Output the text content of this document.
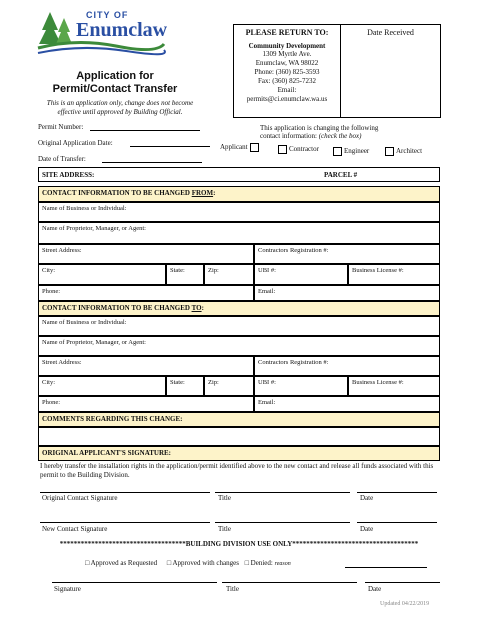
CITY OF
Enumclaw
Application for
Permit/Contact Transfer
This is an application only, change does not become
effective until approved by Building Official.
PLEASE RETURN TO:
Community Development
1309 Myrtle Ave.
Enumclaw, WA 98022
Phone: (360) 825-3593
Fax: (360) 825-7232
Email:
permits@ci.enumclaw.wa.us
Date Received
Permit Number:
Original Application Date:
Date of Transfer:
This application is changing the following
contact information: (check the box)
Applicant	Contractor	Engineer	Architect
SITE ADDRESS:	PARCEL #
CONTACT INFORMATION TO BE CHANGED FROM:
Name of Business or Individual:
Name of Proprietor, Manager, or Agent:
Street Address:	Contractors Registration #:
City:	State:	Zip:	UBI #:	Business License #:
Phone:	Email:
CONTACT INFORMATION TO BE CHANGED TO:
Name of Business or Individual:
Name of Proprietor, Manager, or Agent:
Street Address:	Contractors Registration #:
City:	State:	Zip:	UBI #:	Business License #:
Phone:	Email:
COMMENTS REGARDING THIS CHANGE:
ORIGINAL APPLICANT'S SIGNATURE:
I hereby transfer the installation rights in the application/permit identified above to the new contact and release all funds associated with this permit to the Building Division.
Original Contact Signature	Title	Date
New Contact Signature	Title	Date
************************************BUILDING DIVISION USE ONLY************************************
□ Approved as Requested □ Approved with changes □ Denied: reason
Signature	Title	Date
Updated 04/22/2019
